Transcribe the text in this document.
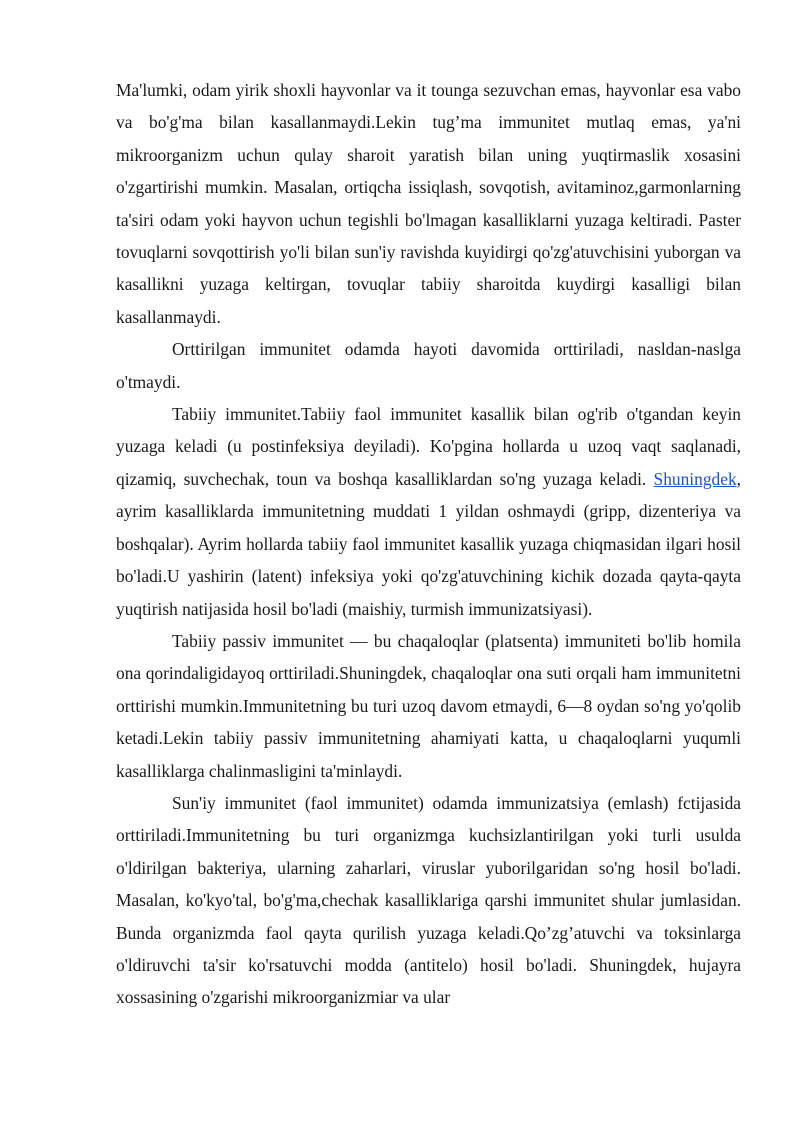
Ma'lumki, odam yirik shoxli hayvonlar va it tounga sezuvchan emas, hayvonlar esa vabo va bo'g'ma bilan kasallanmaydi.Lekin tug’ma immunitet mutlaq emas, ya'ni mikroorganizm uchun qulay sharoit yaratish bilan uning yuqtirmaslik xosasini o'zgartirishi mumkin. Masalan, ortiqcha issiqlash, sovqotish, avitaminoz,garmonlarning ta'siri odam yoki hayvon uchun tegishli bo'lmagan kasalliklarni yuzaga keltiradi. Paster tovuqlarni sovqottirish yo'li bilan sun'iy ravishda kuyidirgi qo'zg'atuvchisini yuborgan va kasallikni yuzaga keltirgan, tovuqlar tabiiy sharoitda kuydirgi kasalligi bilan kasallanmaydi.

Orttirilgan immunitet odamda hayoti davomida orttiriladi, nasldan-naslga o'tmaydi.

Tabiiy immunitet.Tabiiy faol immunitet kasallik bilan og'rib o'tgandan keyin yuzaga keladi (u postinfeksiya deyiladi). Ko'pgina hollarda u uzoq vaqt saqlanadi, qizamiq, suvchechak, toun va boshqa kasalliklardan so'ng yuzaga keladi. Shuningdek, ayrim kasalliklarda immunitetning muddati 1 yildan oshmaydi (gripp, dizenteriya va boshqalar). Ayrim hollarda tabiiy faol immunitet kasallik yuzaga chiqmasidan ilgari hosil bo'ladi.U yashirin (latent) infeksiya yoki qo'zg'atuvchining kichik dozada qayta-qayta yuqtirish natijasida hosil bo'ladi (maishiy, turmish immunizatsiyasi).

Tabiiy passiv immunitet — bu chaqaloqlar (platsenta) immuniteti bo'lib homila ona qorindaligidayoq orttiriladi.Shuningdek, chaqaloqlar ona suti orqali ham immunitetni orttirishi mumkin.Immunitetning bu turi uzoq davom etmaydi, 6—8 oydan so'ng yo'qolib ketadi.Lekin tabiiy passiv immunitetning ahamiyati katta, u chaqaloqlarni yuqumli kasalliklarga chalinmasligini ta'minlaydi.

Sun'iy immunitet (faol immunitet) odamda immunizatsiya (emlash) fctijasida orttiriladi.Immunitetning bu turi organizmga kuchsizlantirilgan yoki turli usulda o'ldirilgan bakteriya, ularning zaharlari, viruslar yuborilgaridan so'ng hosil bo'ladi. Masalan, ko'kyo'tal, bo'g'ma,chechak kasalliklariga qarshi immunitet shular jumlasidan. Bunda organizmda faol qayta qurilish yuzaga keladi.Qo’zg’atuvchi va toksinlarga o'ldiruvchi ta'sir ko'rsatuvchi modda (antitelo) hosil bo'ladi. Shuningdek, hujayra xossasining o'zgarishi mikroorganizmiar va ular
